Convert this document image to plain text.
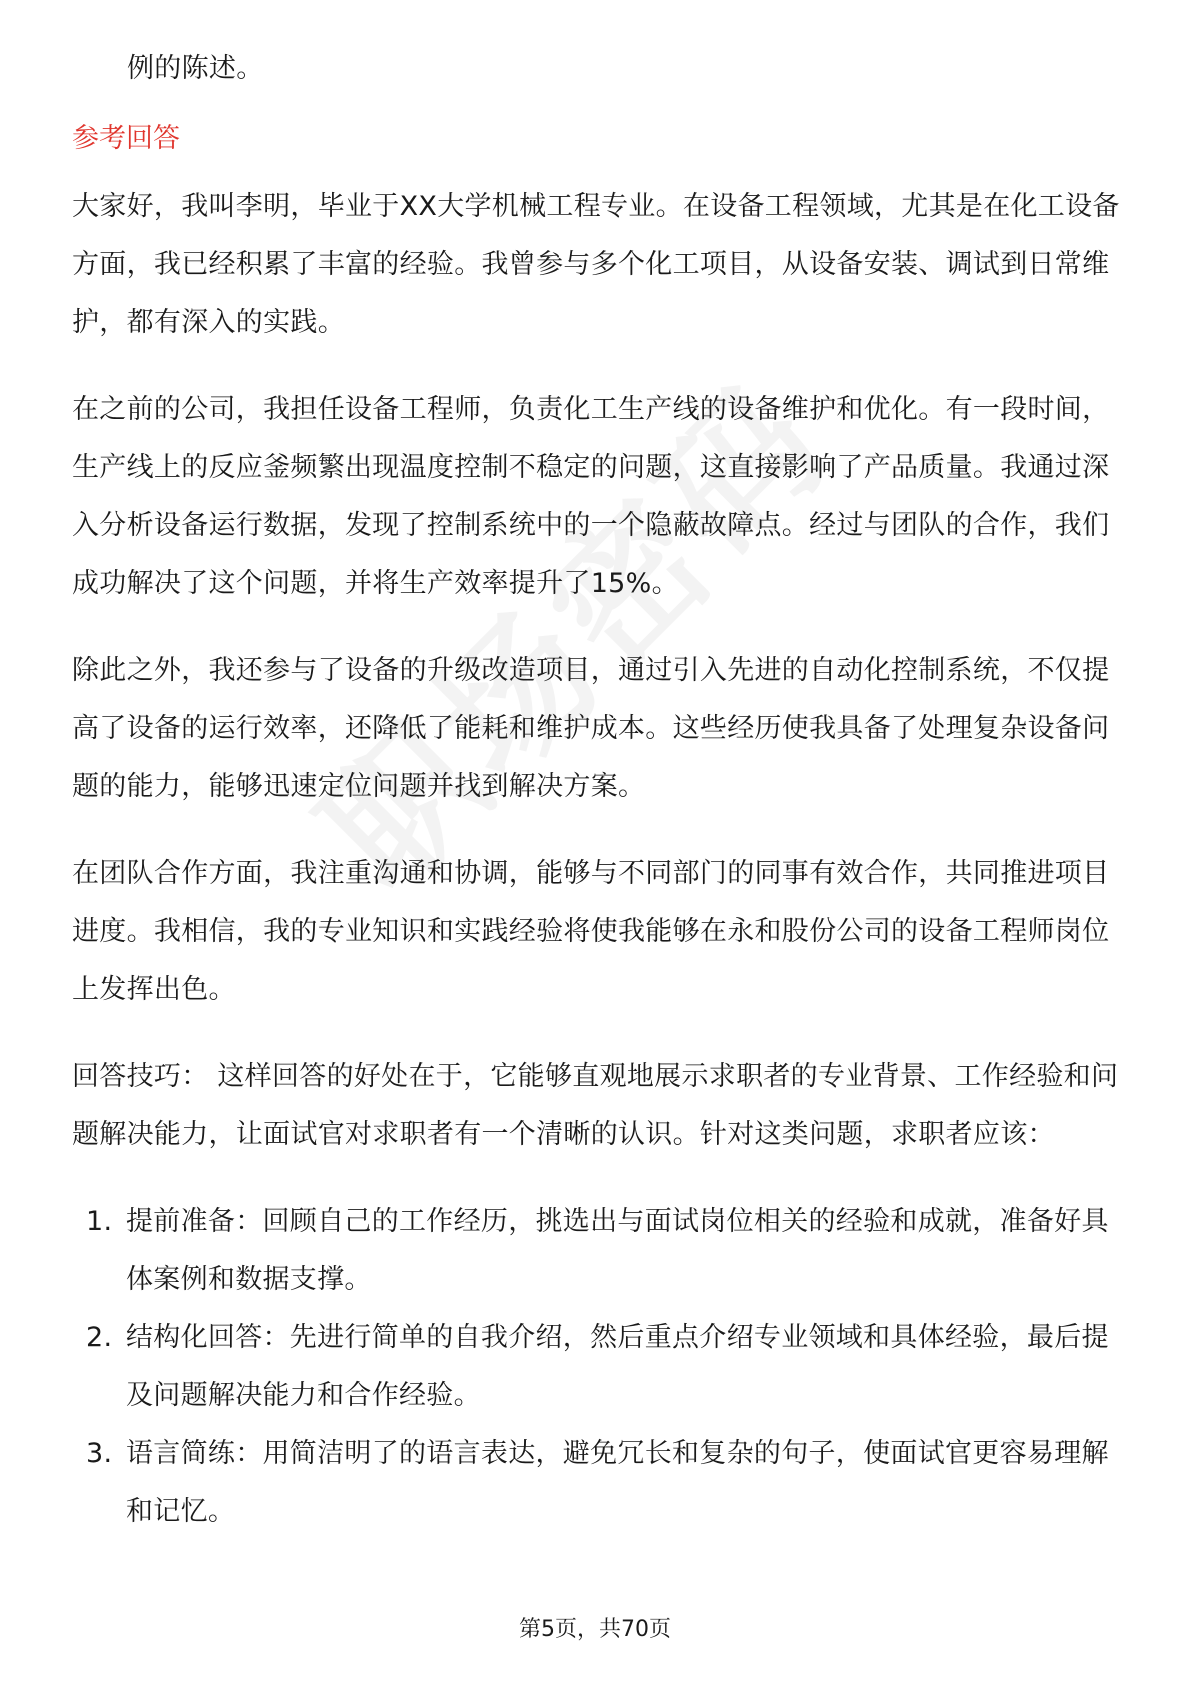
例的陈述。

参考回答

大家好，我叫李明，毕业于XX大学机械工程专业。在设备工程领域，尤其是在化工设备方面，我已经积累了丰富的经验。我曾参与多个化工项目，从设备安装、调试到日常维护，都有深入的实践。

在之前的公司，我担任设备工程师，负责化工生产线的设备维护和优化。有一段时间，生产线上的反应釜频繁出现温度控制不稳定的问题，这直接影响了产品质量。我通过深入分析设备运行数据，发现了控制系统中的一个隐蔽故障点。经过与团队的合作，我们成功解决了这个问题，并将生产效率提升了15%。

除此之外，我还参与了设备的升级改造项目，通过引入先进的自动化控制系统，不仅提高了设备的运行效率，还降低了能耗和维护成本。这些经历使我具备了处理复杂设备问题的能力，能够迅速定位问题并找到解决方案。

在团队合作方面，我注重沟通和协调，能够与不同部门的同事有效合作，共同推进项目进度。我相信，我的专业知识和实践经验将使我能够在永和股份公司的设备工程师岗位上发挥出色。

回答技巧： 这样回答的好处在于，它能够直观地展示求职者的专业背景、工作经验和问题解决能力，让面试官对求职者有一个清晰的认识。针对这类问题，求职者应该：

1. 提前准备：回顾自己的工作经历，挑选出与面试岗位相关的经验和成就，准备好具体案例和数据支撑。
2. 结构化回答：先进行简单的自我介绍，然后重点介绍专业领域和具体经验，最后提及问题解决能力和合作经验。
3. 语言简练：用简洁明了的语言表达，避免冗长和复杂的句子，使面试官更容易理解和记忆。
第5页，共70页
